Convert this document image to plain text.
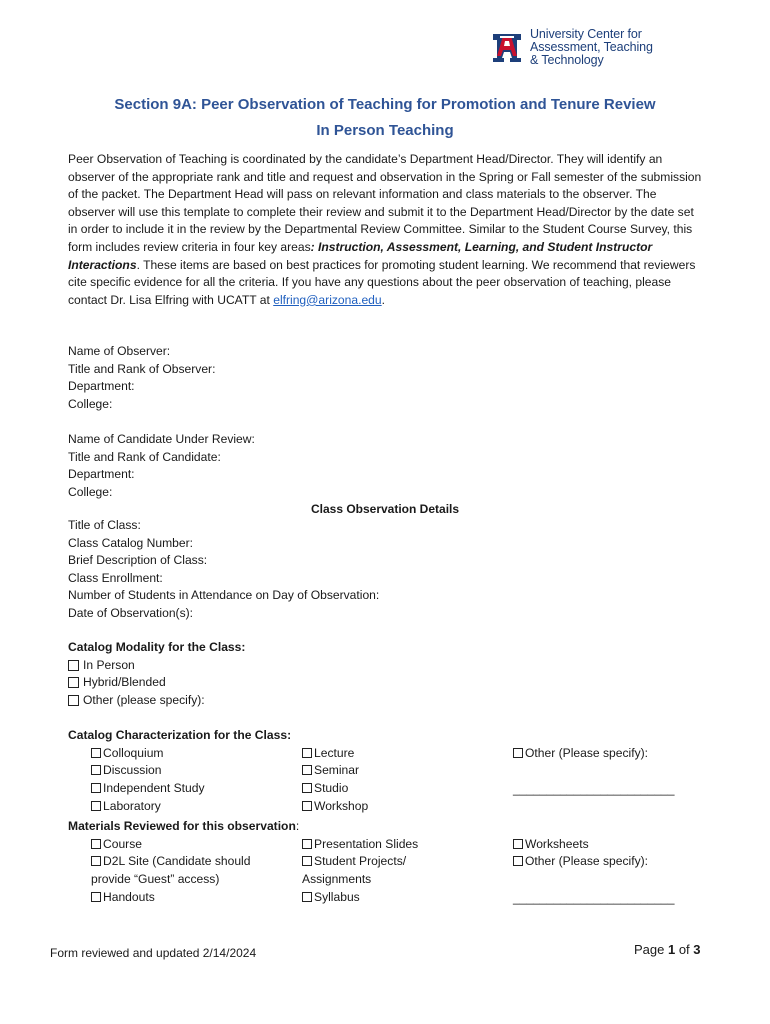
University Center for
Assessment, Teaching
& Technology
Section 9A: Peer Observation of Teaching for Promotion and Tenure Review
In Person Teaching
Peer Observation of Teaching is coordinated by the candidate’s Department Head/Director. They will identify an observer of the appropriate rank and title and request and observation in the Spring or Fall semester of the submission of the packet. The Department Head will pass on relevant information and class materials to the observer. The observer will use this template to complete their review and submit it to the Department Head/Director by the date set in order to include it in the review by the Departmental Review Committee. Similar to the Student Course Survey, this form includes review criteria in four key areas: Instruction, Assessment, Learning, and Student Instructor Interactions. These items are based on best practices for promoting student learning. We recommend that reviewers cite specific evidence for all the criteria. If you have any questions about the peer observation of teaching, please contact Dr. Lisa Elfring with UCATT at elfring@arizona.edu.
Name of Observer:
Title and Rank of Observer:
Department:
College:
Name of Candidate Under Review:
Title and Rank of Candidate:
Department:
College:
Class Observation Details
Title of Class:
Class Catalog Number:
Brief Description of Class:
Class Enrollment:
Number of Students in Attendance on Day of Observation:
Date of Observation(s):
Catalog Modality for the Class:
In Person
Hybrid/Blended
Other (please specify):
Catalog Characterization for the Class:
Colloquium
Discussion
Independent Study
Laboratory
Lecture
Seminar
Studio
Workshop
Other (Please specify):
________________________
Materials Reviewed for this observation:
Course
D2L Site (Candidate should
provide “Guest” access)
Handouts
Presentation Slides
Student Projects/
Assignments
Syllabus
Worksheets
Other (Please specify):
________________________
Form reviewed and updated 2/14/2024	Page 1 of 3
